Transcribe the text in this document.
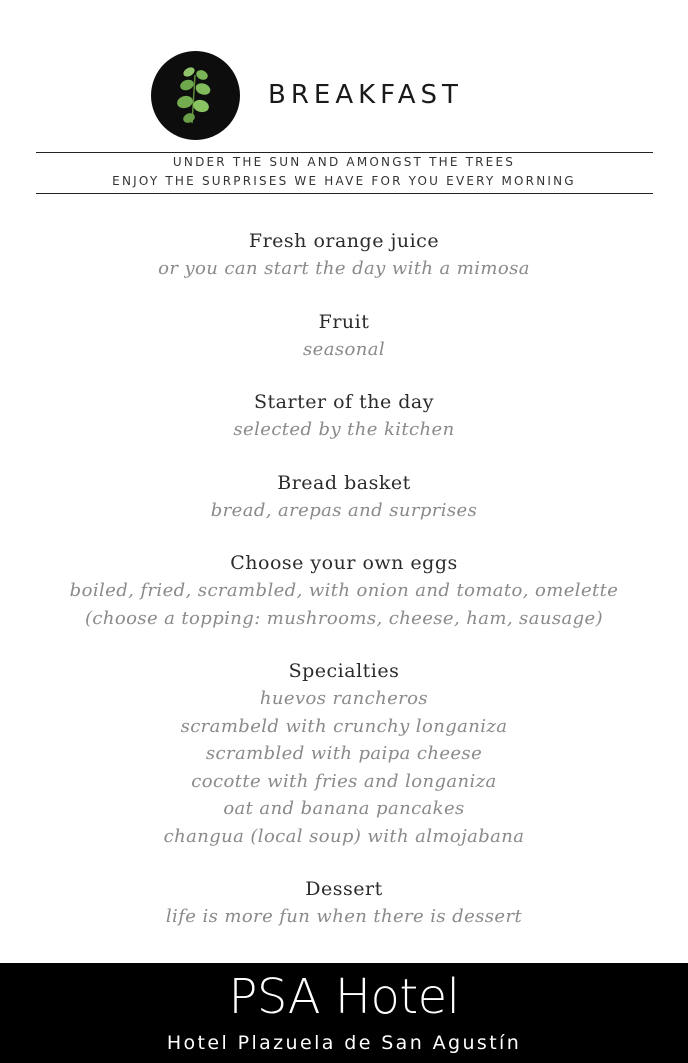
BREAKFAST
UNDER THE SUN AND AMONGST THE TREES
ENJOY THE SURPRISES WE HAVE FOR YOU EVERY MORNING
Fresh orange juice
or you can start the day with a mimosa
Fruit
seasonal
Starter of the day
selected by the kitchen
Bread basket
bread, arepas and surprises
Choose your own eggs
boiled, fried, scrambled, with onion and tomato, omelette
(choose a topping: mushrooms, cheese, ham, sausage)
Specialties
huevos rancheros
scrambeld with crunchy longaniza
scrambled with paipa cheese
cocotte with fries and longaniza
oat and banana pancakes
changua (local soup) with almojabana
Dessert
life is more fun when there is dessert
PSA Hotel
Hotel Plazuela de San Agustín
